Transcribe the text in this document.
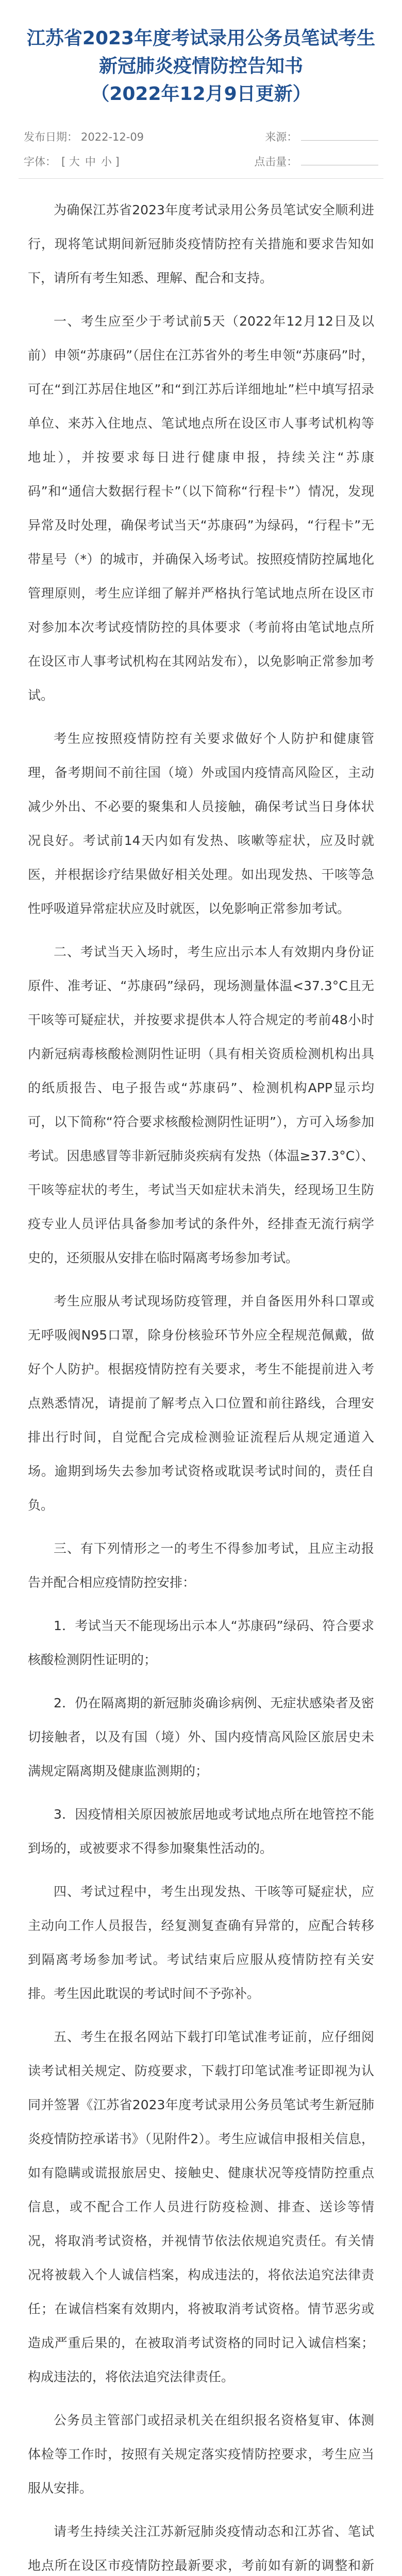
江苏省2023年度考试录用公务员笔试考生
新冠肺炎疫情防控告知书
（2022年12月9日更新）
发布日期： 2022-12-09	来源：
字体： [ 大 中 小 ]	点击量：

为确保江苏省2023年度考试录用公务员笔试安全顺利进行，现将笔试期间新冠肺炎疫情防控有关措施和要求告知如下，请所有考生知悉、理解、配合和支持。

一、考生应至少于考试前5天（2022年12月12日及以前）申领“苏康码”（居住在江苏省外的考生申领“苏康码”时，可在“到江苏居住地区”和“到江苏后详细地址”栏中填写招录单位、来苏入住地点、笔试地点所在设区市人事考试机构等地址），并按要求每日进行健康申报，持续关注“苏康码”和“通信大数据行程卡”（以下简称“行程卡”）情况，发现异常及时处理，确保考试当天“苏康码”为绿码，“行程卡”无带星号（*）的城市，并确保入场考试。按照疫情防控属地化管理原则，考生应详细了解并严格执行笔试地点所在设区市对参加本次考试疫情防控的具体要求（考前将由笔试地点所在设区市人事考试机构在其网站发布），以免影响正常参加考试。

考生应按照疫情防控有关要求做好个人防护和健康管理，备考期间不前往国（境）外或国内疫情高风险区，主动减少外出、不必要的聚集和人员接触，确保考试当日身体状况良好。考试前14天内如有发热、咳嗽等症状，应及时就医，并根据诊疗结果做好相关处理。如出现发热、干咳等急性呼吸道异常症状应及时就医，以免影响正常参加考试。

二、考试当天入场时，考生应出示本人有效期内身份证原件、准考证、“苏康码”绿码，现场测量体温<37.3°C且无干咳等可疑症状，并按要求提供本人符合规定的考前48小时内新冠病毒核酸检测阴性证明（具有相关资质检测机构出具的纸质报告、电子报告或“苏康码”、检测机构APP显示均可，以下简称“符合要求核酸检测阴性证明”），方可入场参加考试。因患感冒等非新冠肺炎疾病有发热（体温≥37.3°C）、干咳等症状的考生，考试当天如症状未消失，经现场卫生防疫专业人员评估具备参加考试的条件外，经排查无流行病学史的，还须服从安排在临时隔离考场参加考试。

考生应服从考试现场防疫管理，并自备医用外科口罩或无呼吸阀N95口罩，除身份核验环节外应全程规范佩戴，做好个人防护。根据疫情防控有关要求，考生不能提前进入考点熟悉情况，请提前了解考点入口位置和前往路线，合理安排出行时间，自觉配合完成检测验证流程后从规定通道入场。逾期到场失去参加考试资格或耽误考试时间的，责任自负。

三、有下列情形之一的考生不得参加考试，且应主动报告并配合相应疫情防控安排：

1．考试当天不能现场出示本人“苏康码”绿码、符合要求核酸检测阴性证明的；

2．仍在隔离期的新冠肺炎确诊病例、无症状感染者及密切接触者，以及有国（境）外、国内疫情高风险区旅居史未满规定隔离期及健康监测期的；

3．因疫情相关原因被旅居地或考试地点所在地管控不能到场的，或被要求不得参加聚集性活动的。

四、考试过程中，考生出现发热、干咳等可疑症状，应主动向工作人员报告，经复测复查确有异常的，应配合转移到隔离考场参加考试。考试结束后应服从疫情防控有关安排。考生因此耽误的考试时间不予弥补。

五、考生在报名网站下载打印笔试准考证前，应仔细阅读考试相关规定、防疫要求，下载打印笔试准考证即视为认同并签署《江苏省2023年度考试录用公务员笔试考生新冠肺炎疫情防控承诺书》（见附件2）。考生应诚信申报相关信息，如有隐瞒或谎报旅居史、接触史、健康状况等疫情防控重点信息，或不配合工作人员进行防疫检测、排查、送诊等情况，将取消考试资格，并视情节依法依规追究责任。有关情况将被载入个人诚信档案，构成违法的，将依法追究法律责任；在诚信档案有效期内，将被取消考试资格。情节恶劣或造成严重后果的，在被取消考试资格的同时记入诚信档案；构成违法的，将依法追究法律责任。

公务员主管部门或招录机关在组织报名资格复审、体测体检等工作时，按照有关规定落实疫情防控要求，考生应当服从安排。

请考生持续关注江苏新冠肺炎疫情动态和江苏省、笔试地点所在设区市疫情防控最新要求，考前如有新的调整和新
